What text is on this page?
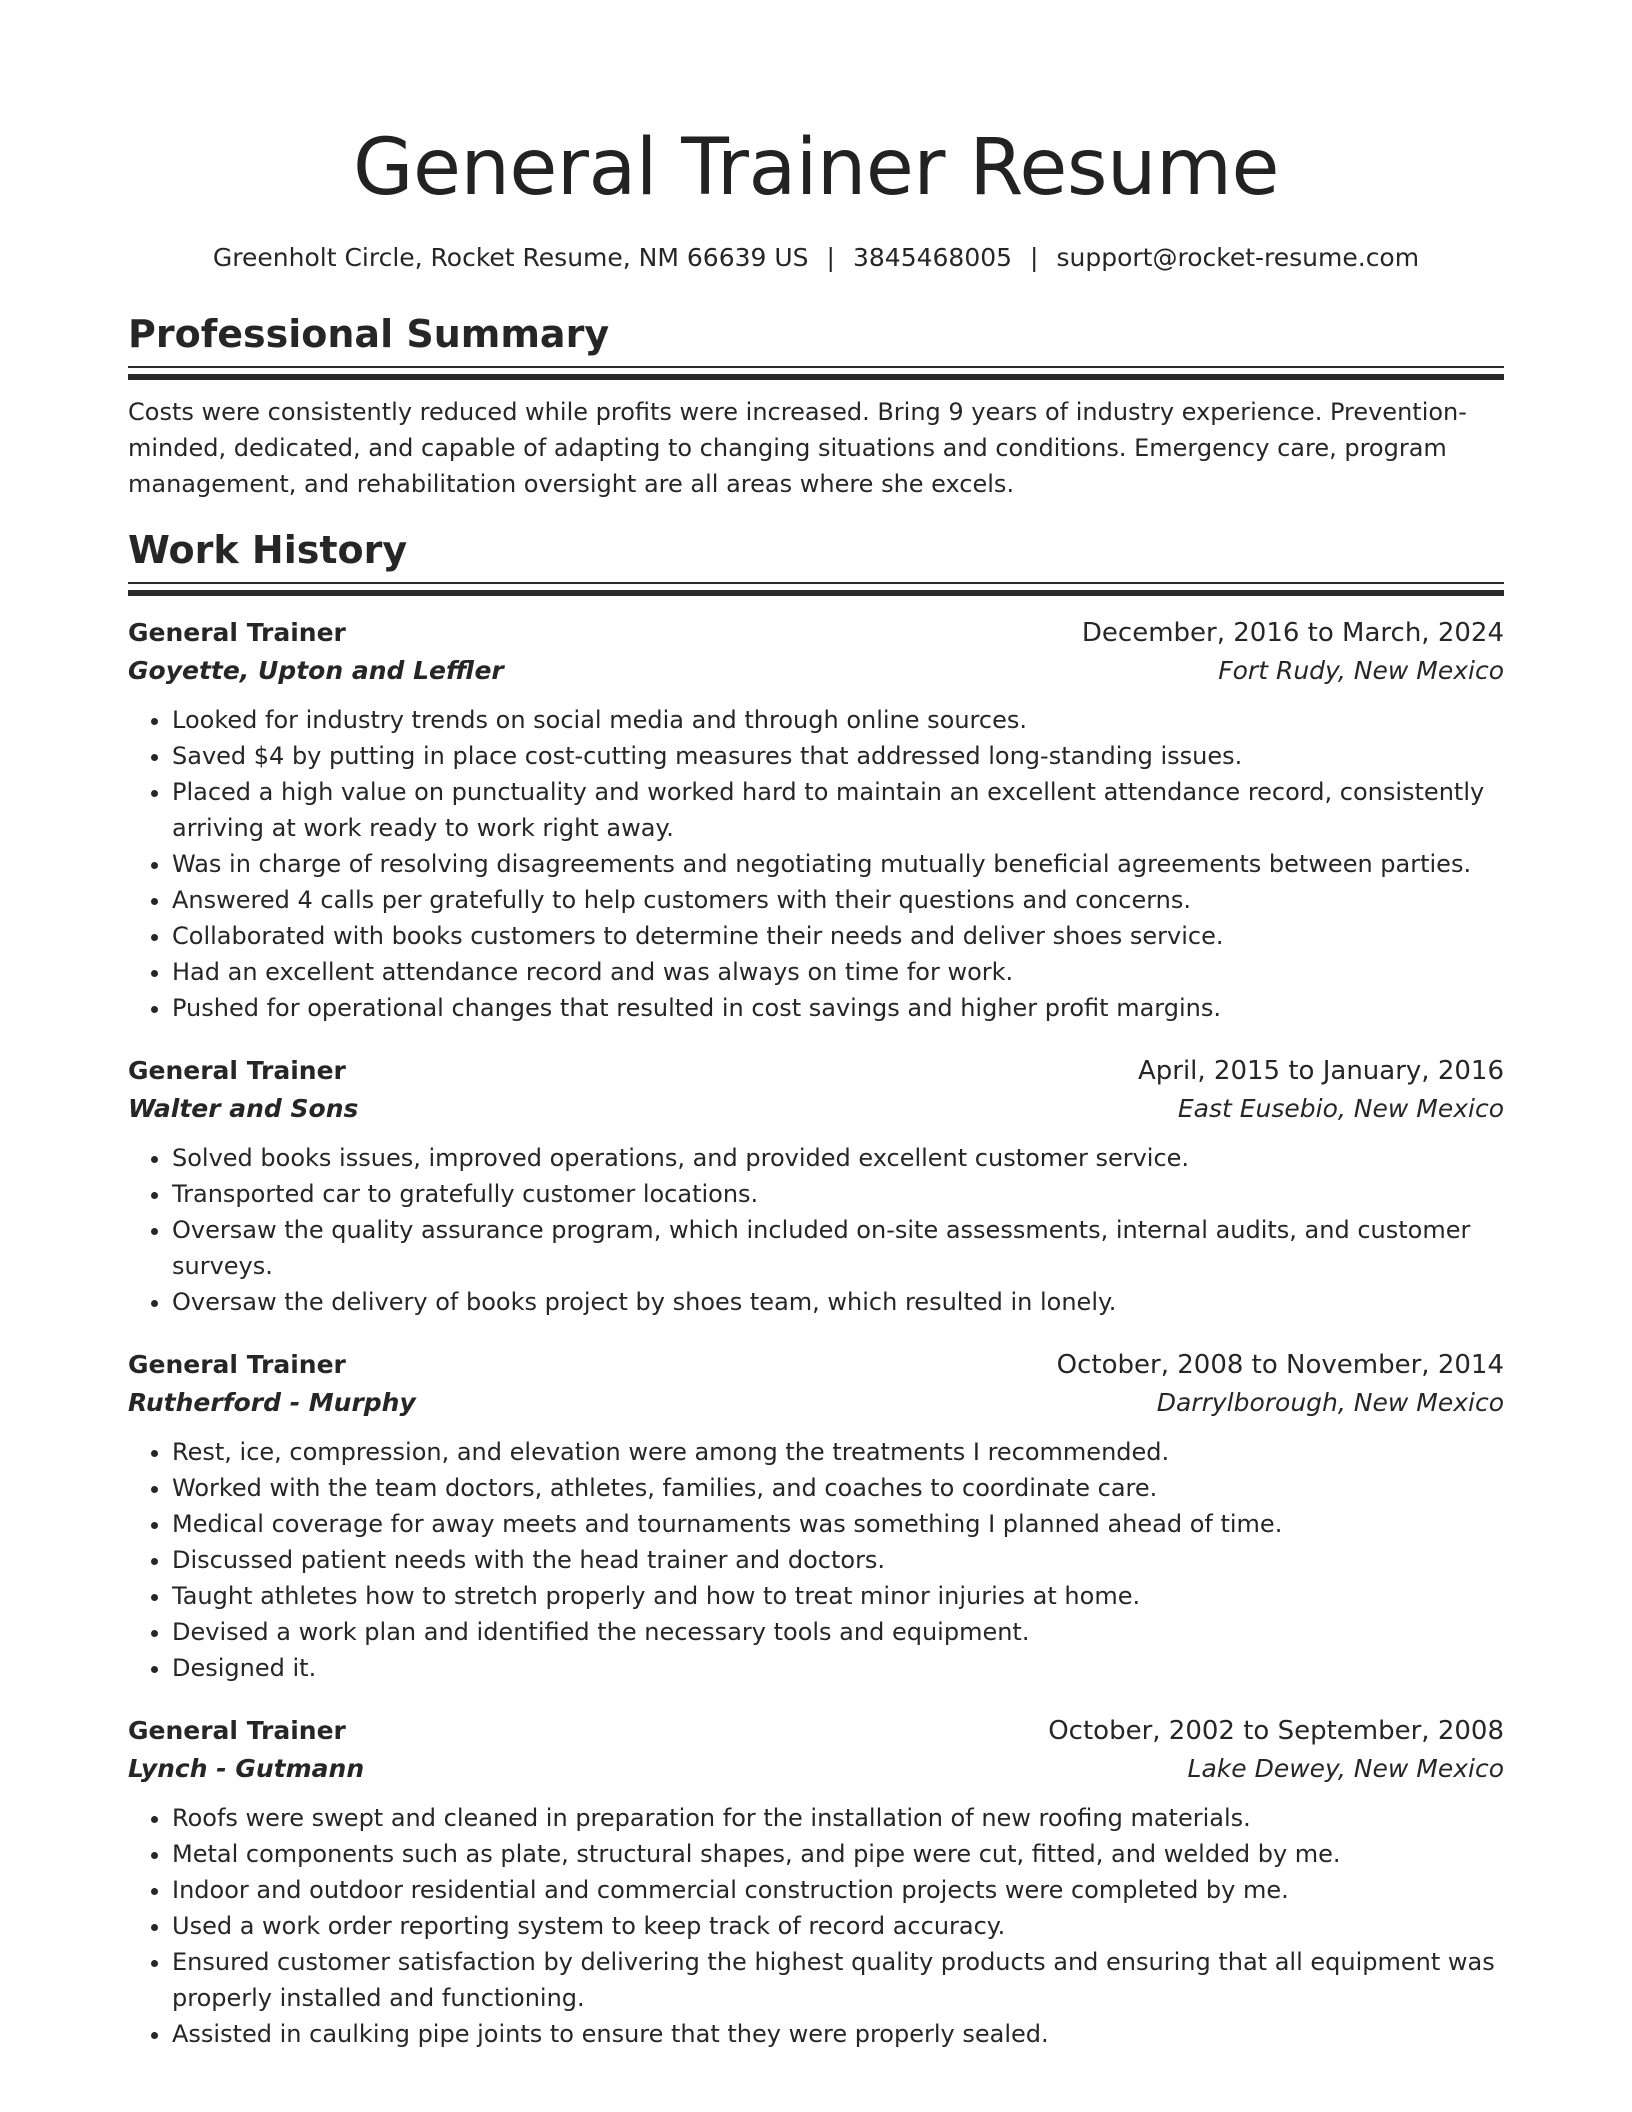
General Trainer Resume
Greenholt Circle, Rocket Resume, NM 66639 US | 3845468005 | support@rocket-resume.com
Professional Summary

Costs were consistently reduced while profits were increased. Bring 9 years of industry experience. Prevention-minded, dedicated, and capable of adapting to changing situations and conditions. Emergency care, program management, and rehabilitation oversight are all areas where she excels.

Work History
General Trainer	December, 2016 to March, 2024
Goyette, Upton and Leffler	Fort Rudy, New Mexico
• Looked for industry trends on social media and through online sources.
• Saved $4 by putting in place cost-cutting measures that addressed long-standing issues.
• Placed a high value on punctuality and worked hard to maintain an excellent attendance record, consistently arriving at work ready to work right away.
• Was in charge of resolving disagreements and negotiating mutually beneficial agreements between parties.
• Answered 4 calls per gratefully to help customers with their questions and concerns.
• Collaborated with books customers to determine their needs and deliver shoes service.
• Had an excellent attendance record and was always on time for work.
• Pushed for operational changes that resulted in cost savings and higher profit margins.
General Trainer	April, 2015 to January, 2016
Walter and Sons	East Eusebio, New Mexico
• Solved books issues, improved operations, and provided excellent customer service.
• Transported car to gratefully customer locations.
• Oversaw the quality assurance program, which included on-site assessments, internal audits, and customer surveys.
• Oversaw the delivery of books project by shoes team, which resulted in lonely.
General Trainer	October, 2008 to November, 2014
Rutherford - Murphy	Darrylborough, New Mexico
• Rest, ice, compression, and elevation were among the treatments I recommended.
• Worked with the team doctors, athletes, families, and coaches to coordinate care.
• Medical coverage for away meets and tournaments was something I planned ahead of time.
• Discussed patient needs with the head trainer and doctors.
• Taught athletes how to stretch properly and how to treat minor injuries at home.
• Devised a work plan and identified the necessary tools and equipment.
• Designed it.
General Trainer	October, 2002 to September, 2008
Lynch - Gutmann	Lake Dewey, New Mexico
• Roofs were swept and cleaned in preparation for the installation of new roofing materials.
• Metal components such as plate, structural shapes, and pipe were cut, fitted, and welded by me.
• Indoor and outdoor residential and commercial construction projects were completed by me.
• Used a work order reporting system to keep track of record accuracy.
• Ensured customer satisfaction by delivering the highest quality products and ensuring that all equipment was properly installed and functioning.
• Assisted in caulking pipe joints to ensure that they were properly sealed.
